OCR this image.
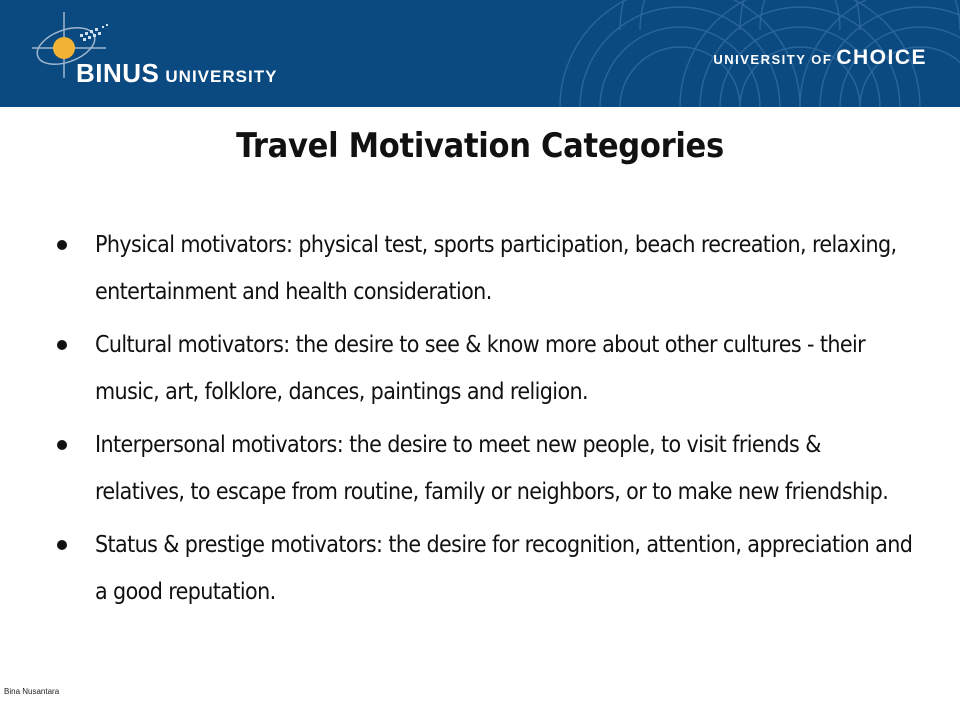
BINUS UNIVERSITY
UNIVERSITY OF CHOICE
Travel Motivation Categories
Physical motivators: physical test, sports participation, beach recreation, relaxing, entertainment and health consideration.
Cultural motivators: the desire to see & know more about other cultures - their music, art, folklore, dances, paintings and religion.
Interpersonal motivators: the desire to meet new people, to visit friends & relatives, to escape from routine, family or neighbors, or to make new friendship.
Status & prestige motivators: the desire for recognition, attention, appreciation and a good reputation.
Bina Nusantara
